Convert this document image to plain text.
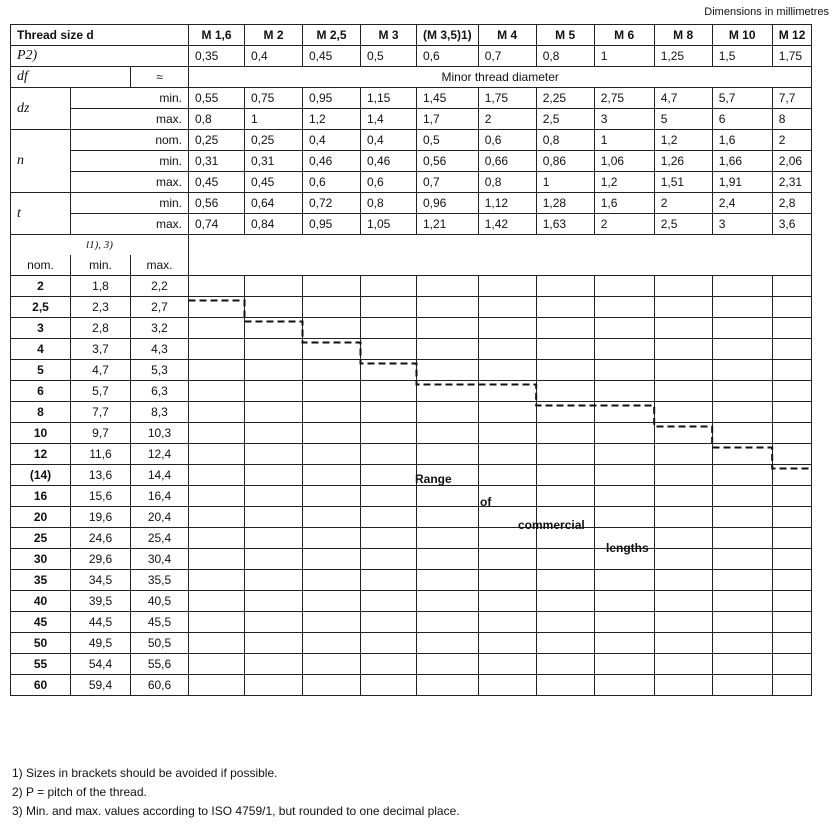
Dimensions in millimetres
Thread size d			M 1,6	M 2	M 2,5	M 3	(M 3,5)1)	M 4	M 5	M 6	M 8	M 10	M 12
P2)			0,35	0,4	0,45	0,5	0,6	0,7	0,8	1	1,25	1,5	1,75
df		≈	Minor thread diameter										
dz	min.		0,55	0,75	0,95	1,15	1,45	1,75	2,25	2,75	4,7	5,7	7,7
	max.		0,8	1	1,2	1,4	1,7	2	2,5	3	5	6	8
n	nom.		0,25	0,25	0,4	0,4	0,5	0,6	0,8	1	1,2	1,6	2
	min.		0,31	0,31	0,46	0,46	0,56	0,66	0,86	1,06	1,26	1,66	2,06
	max.		0,45	0,45	0,6	0,6	0,7	0,8	1	1,2	1,51	1,91	2,31
t	min.		0,56	0,64	0,72	0,8	0,96	1,12	1,28	1,6	2	2,4	2,8
	max.		0,74	0,84	0,95	1,05	1,21	1,42	1,63	2	2,5	3	3,6
l1), 3)													
nom.	min.	max.											
2	1,8	2,2											
2,5	2,3	2,7											
3	2,8	3,2											
4	3,7	4,3											
5	4,7	5,3											
6	5,7	6,3											
8	7,7	8,3											
10	9,7	10,3											
12	11,6	12,4											
(14)	13,6	14,4											
16	15,6	16,4											
20	19,6	20,4											
25	24,6	25,4											
30	29,6	30,4											
35	34,5	35,5											
40	39,5	40,5											
45	44,5	45,5											
50	49,5	50,5											
55	54,4	55,6											
60	59,4	60,6											
Range
of
commercial
lengths
1) Sizes in brackets should be avoided if possible.
2) P = pitch of the thread.
3) Min. and max. values according to ISO 4759/1, but rounded to one decimal place.
